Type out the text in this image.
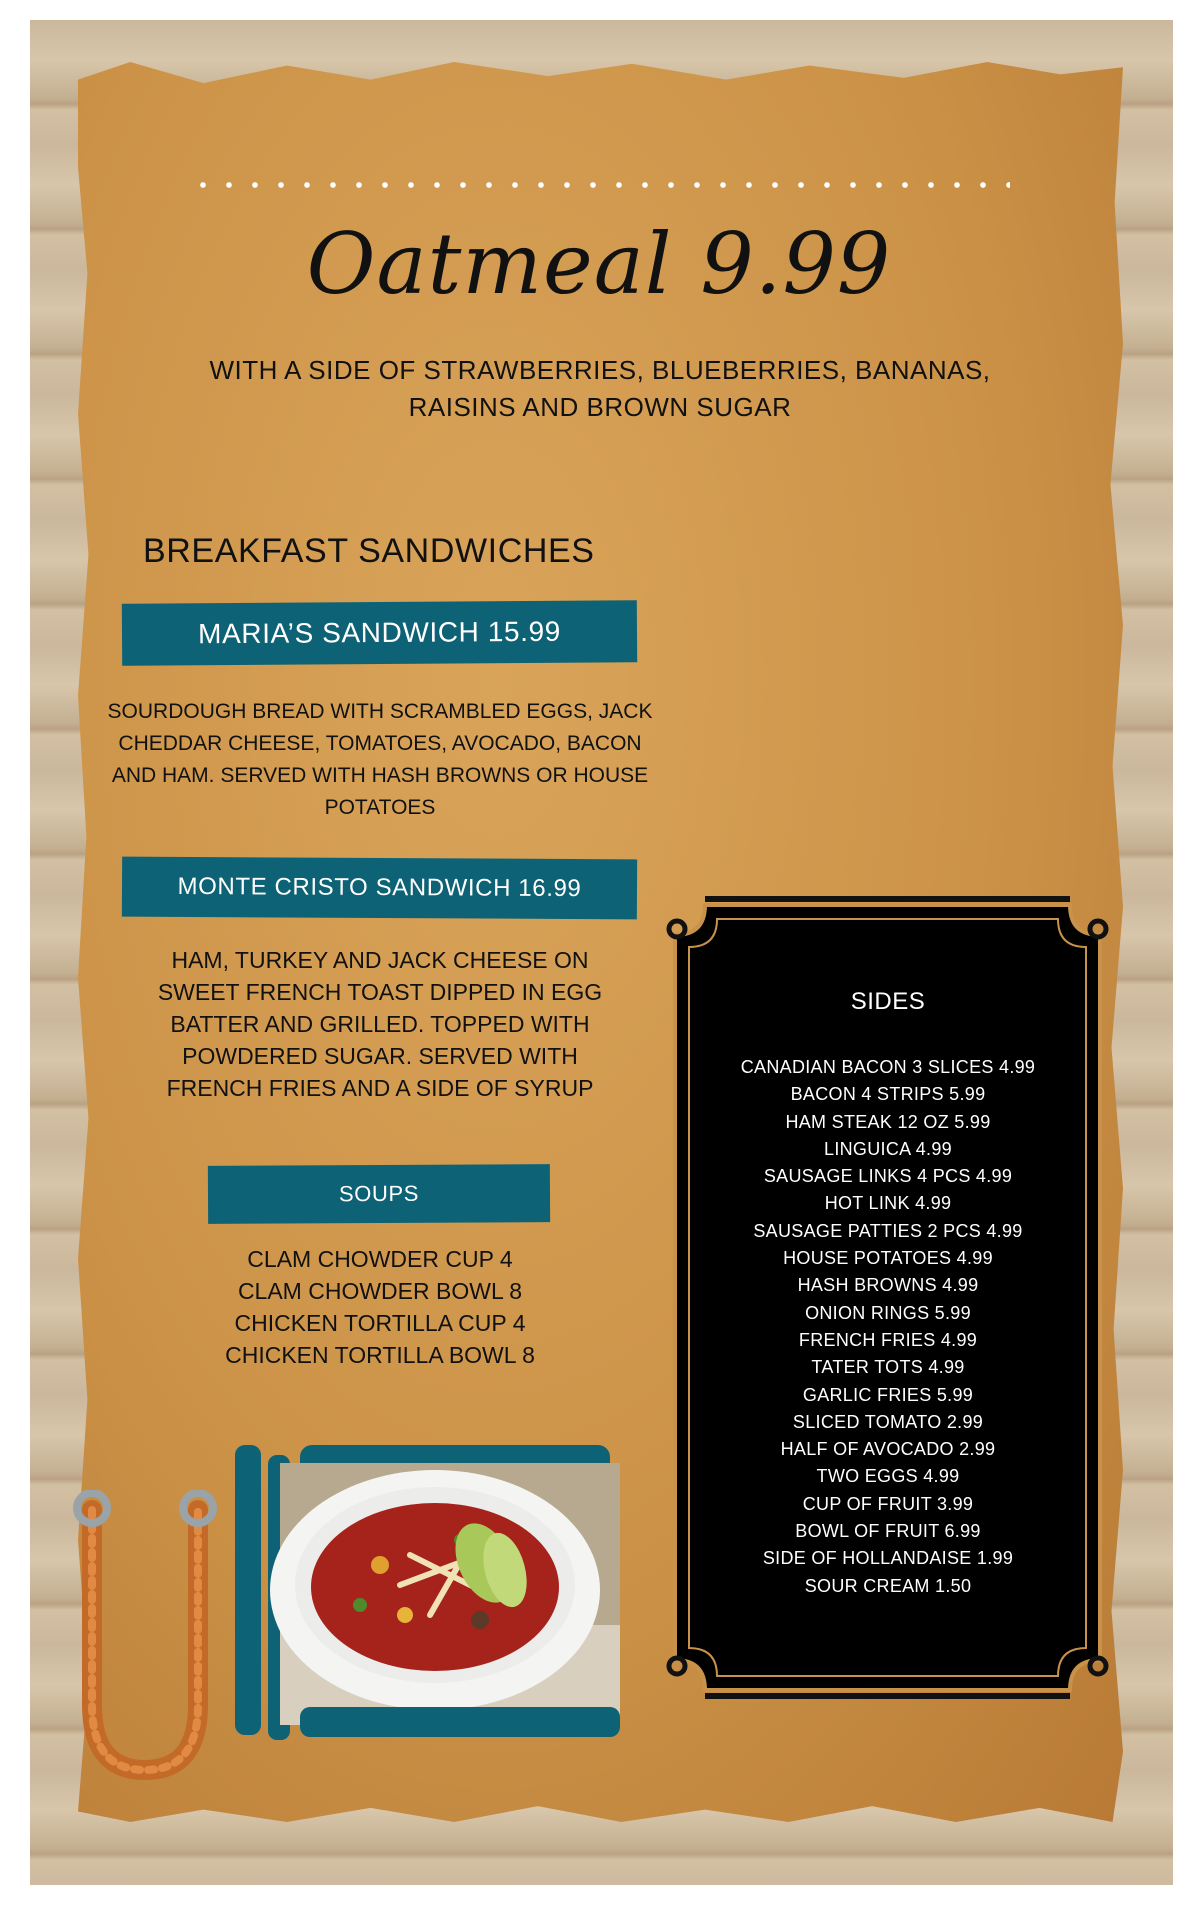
Oatmeal 9.99
WITH A SIDE OF STRAWBERRIES, BLUEBERRIES, BANANAS, RAISINS AND BROWN SUGAR
BREAKFAST SANDWICHES
MARIA’S SANDWICH 15.99
SOURDOUGH BREAD WITH SCRAMBLED EGGS, JACK CHEDDAR CHEESE, TOMATOES, AVOCADO, BACON AND HAM. SERVED WITH HASH BROWNS OR HOUSE POTATOES
MONTE CRISTO SANDWICH 16.99
HAM, TURKEY AND JACK CHEESE ON SWEET FRENCH TOAST DIPPED IN EGG BATTER AND GRILLED. TOPPED WITH POWDERED SUGAR. SERVED WITH FRENCH FRIES AND A SIDE OF SYRUP
SOUPS
CLAM CHOWDER CUP 4
CLAM CHOWDER BOWL 8
CHICKEN TORTILLA CUP 4
CHICKEN TORTILLA BOWL 8
SIDES
CANADIAN BACON 3 SLICES 4.99
BACON 4 STRIPS 5.99
HAM STEAK 12 OZ 5.99
LINGUICA 4.99
SAUSAGE LINKS 4 PCS 4.99
HOT LINK 4.99
SAUSAGE PATTIES 2 PCS 4.99
HOUSE POTATOES 4.99
HASH BROWNS 4.99
ONION RINGS 5.99
FRENCH FRIES 4.99
TATER TOTS 4.99
GARLIC FRIES 5.99
SLICED TOMATO 2.99
HALF OF AVOCADO 2.99
TWO EGGS 4.99
CUP OF FRUIT 3.99
BOWL OF FRUIT 6.99
SIDE OF HOLLANDAISE 1.99
SOUR CREAM 1.50
